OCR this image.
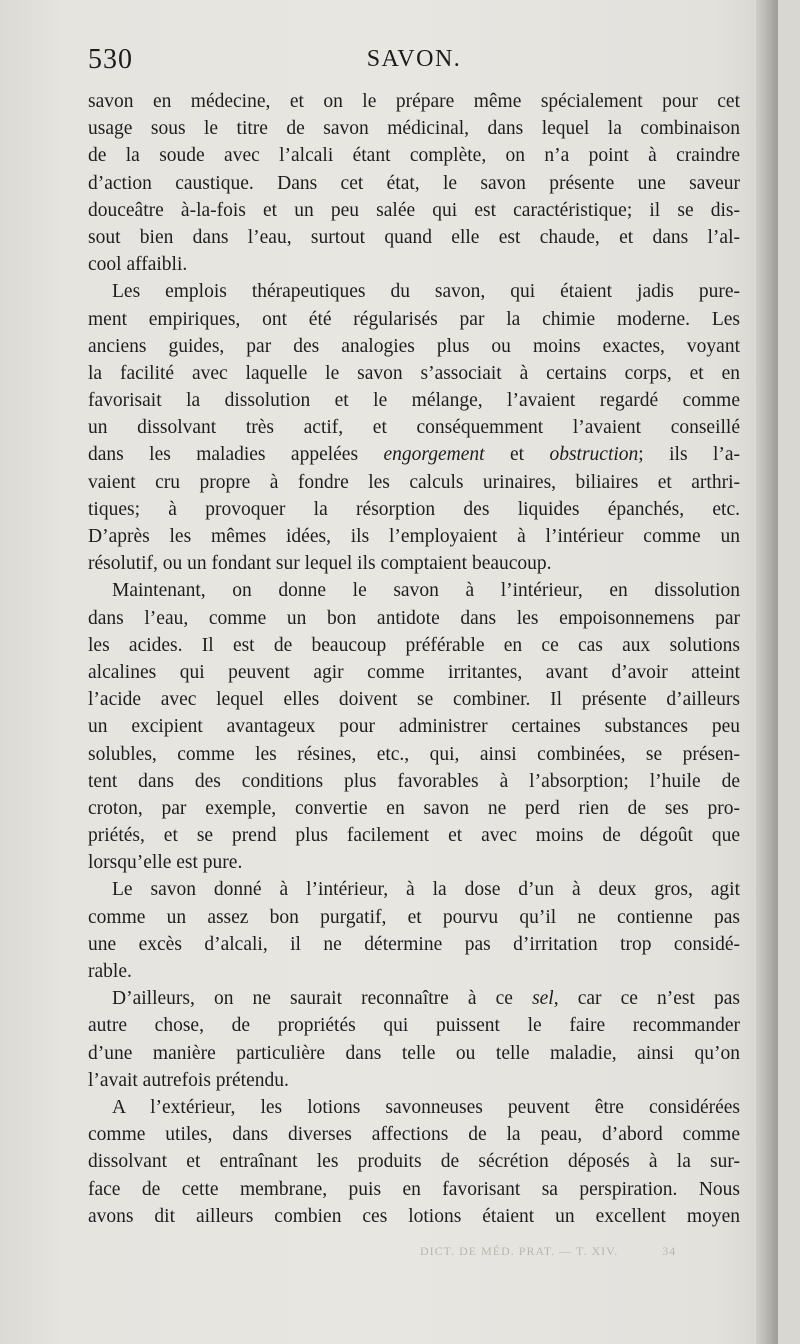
530	SAVON.
savon en médecine, et on le prépare même spécialement pour cet
usage sous le titre de savon médicinal, dans lequel la combinaison
de la soude avec l’alcali étant complète, on n’a point à craindre
d’action caustique. Dans cet état, le savon présente une saveur
douceâtre à-la-fois et un peu salée qui est caractéristique; il se dis-
sout bien dans l’eau, surtout quand elle est chaude, et dans l’al-
cool affaibli.
Les emplois thérapeutiques du savon, qui étaient jadis pure-
ment empiriques, ont été régularisés par la chimie moderne. Les
anciens guides, par des analogies plus ou moins exactes, voyant
la facilité avec laquelle le savon s’associait à certains corps, et en
favorisait la dissolution et le mélange, l’avaient regardé comme
un dissolvant très actif, et conséquemment l’avaient conseillé
dans les maladies appelées engorgement et obstruction; ils l’a-
vaient cru propre à fondre les calculs urinaires, biliaires et arthri-
tiques; à provoquer la résorption des liquides épanchés, etc.
D’après les mêmes idées, ils l’employaient à l’intérieur comme un
résolutif, ou un fondant sur lequel ils comptaient beaucoup.
Maintenant, on donne le savon à l’intérieur, en dissolution
dans l’eau, comme un bon antidote dans les empoisonnemens par
les acides. Il est de beaucoup préférable en ce cas aux solutions
alcalines qui peuvent agir comme irritantes, avant d’avoir atteint
l’acide avec lequel elles doivent se combiner. Il présente d’ailleurs
un excipient avantageux pour administrer certaines substances peu
solubles, comme les résines, etc., qui, ainsi combinées, se présen-
tent dans des conditions plus favorables à l’absorption; l’huile de
croton, par exemple, convertie en savon ne perd rien de ses pro-
priétés, et se prend plus facilement et avec moins de dégoût que
lorsqu’elle est pure.
Le savon donné à l’intérieur, à la dose d’un à deux gros, agit
comme un assez bon purgatif, et pourvu qu’il ne contienne pas
une excès d’alcali, il ne détermine pas d’irritation trop considé-
rable.
D’ailleurs, on ne saurait reconnaître à ce sel, car ce n’est pas
autre chose, de propriétés qui puissent le faire recommander
d’une manière particulière dans telle ou telle maladie, ainsi qu’on
l’avait autrefois prétendu.
A l’extérieur, les lotions savonneuses peuvent être considérées
comme utiles, dans diverses affections de la peau, d’abord comme
dissolvant et entraînant les produits de sécrétion déposés à la sur-
face de cette membrane, puis en favorisant sa perspiration. Nous
avons dit ailleurs combien ces lotions étaient un excellent moyen
DICT. DE MÉD. PRAT. — T. XIV.	34
